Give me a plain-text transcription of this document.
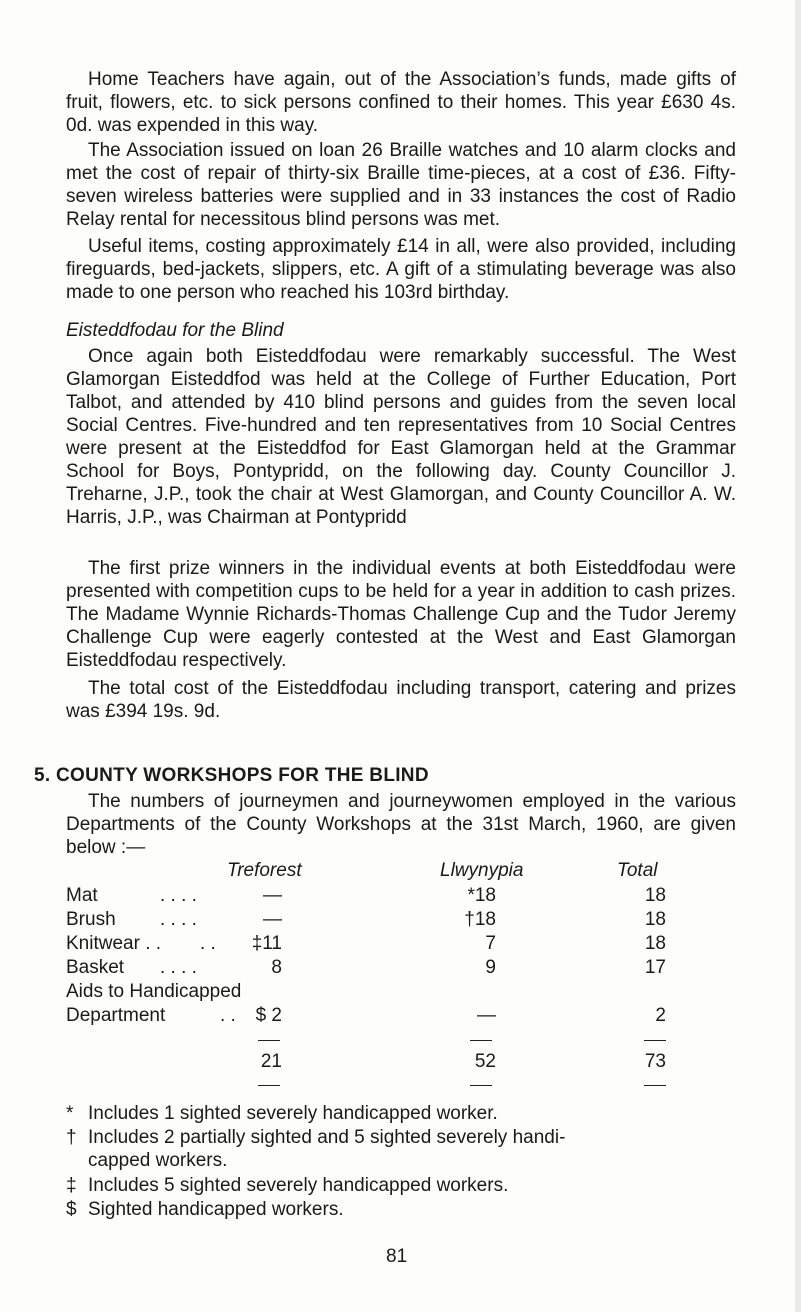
Home Teachers have again, out of the Association’s funds, made gifts of fruit, flowers, etc. to sick persons confined to their homes. This year £630 4s. 0d. was expended in this way.

The Association issued on loan 26 Braille watches and 10 alarm clocks and met the cost of repair of thirty-six Braille time-pieces, at a cost of £36. Fifty-seven wireless batteries were supplied and in 33 instances the cost of Radio Relay rental for necessitous blind persons was met.

Useful items, costing approximately £14 in all, were also provided, including fireguards, bed-jackets, slippers, etc. A gift of a stimulating beverage was also made to one person who reached his 103rd birthday.

Eisteddfodau for the Blind

Once again both Eisteddfodau were remarkably successful. The West Glamorgan Eisteddfod was held at the College of Further Education, Port Talbot, and attended by 410 blind persons and guides from the seven local Social Centres. Five-hundred and ten representatives from 10 Social Centres were present at the Eisteddfod for East Glamorgan held at the Grammar School for Boys, Pontypridd, on the following day. County Councillor J. Treharne, J.P., took the chair at West Glamorgan, and County Councillor A. W. Harris, J.P., was Chairman at Pontypridd

The first prize winners in the individual events at both Eisteddfodau were presented with competition cups to be held for a year in addition to cash prizes. The Madame Wynnie Richards-Thomas Challenge Cup and the Tudor Jeremy Challenge Cup were eagerly contested at the West and East Glamorgan Eisteddfodau respectively.

The total cost of the Eisteddfodau including transport, catering and prizes was £394 19s. 9d.

5. COUNTY WORKSHOPS FOR THE BLIND

The numbers of journeymen and journeywomen employed in the various Departments of the County Workshops at the 31st March, 1960, are given below :—

Treforest	Llwynypia	Total
Mat	. . . .	—	*18	18
Brush . . . .	—	†18	18
Knitwear . . . .	‡11	7	18
Basket . . . .	8	9	17
Aids to Handicapped
Department	. .	$ 2	—	2
21	52	73
* Includes 1 sighted severely handicapped worker.
† Includes 2 partially sighted and 5 sighted severely handi-
capped workers.
‡ Includes 5 sighted severely handicapped workers.
$ Sighted handicapped workers.
81
